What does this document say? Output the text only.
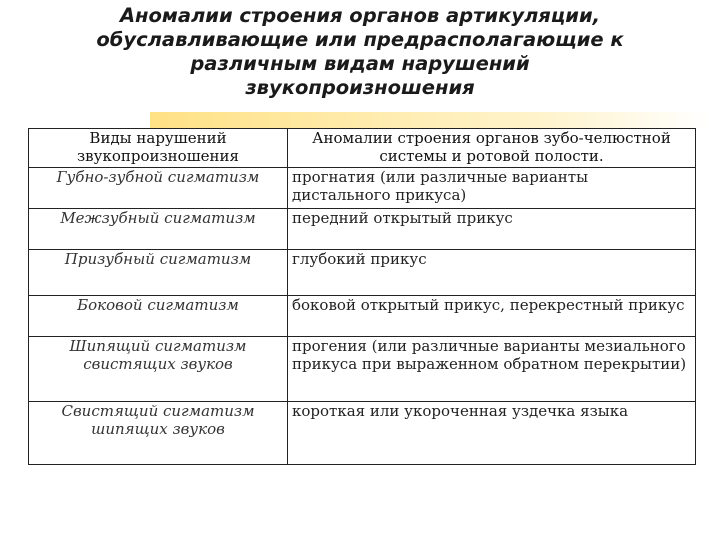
Аномалии строения органов артикуляции,
обуславливающие или предрасполагающие к
различным видам нарушений
звукопроизношения
Виды нарушений звукопроизношения	Аномалии строения органов зубо-челюстной системы и ротовой полости.
Губно-зубной сигматизм	прогнатия (или различные варианты дистального прикуса)
Межзубный сигматизм	передний открытый прикус
Призубный сигматизм	глубокий прикус
Боковой сигматизм	боковой открытый прикус, перекрестный прикус
Шипящий сигматизм свистящих звуков	прогения (или различные варианты мезиального прикуса при выраженном обратном перекрытии)
Свистящий сигматизм шипящих звуков	короткая или укороченная уздечка языка
